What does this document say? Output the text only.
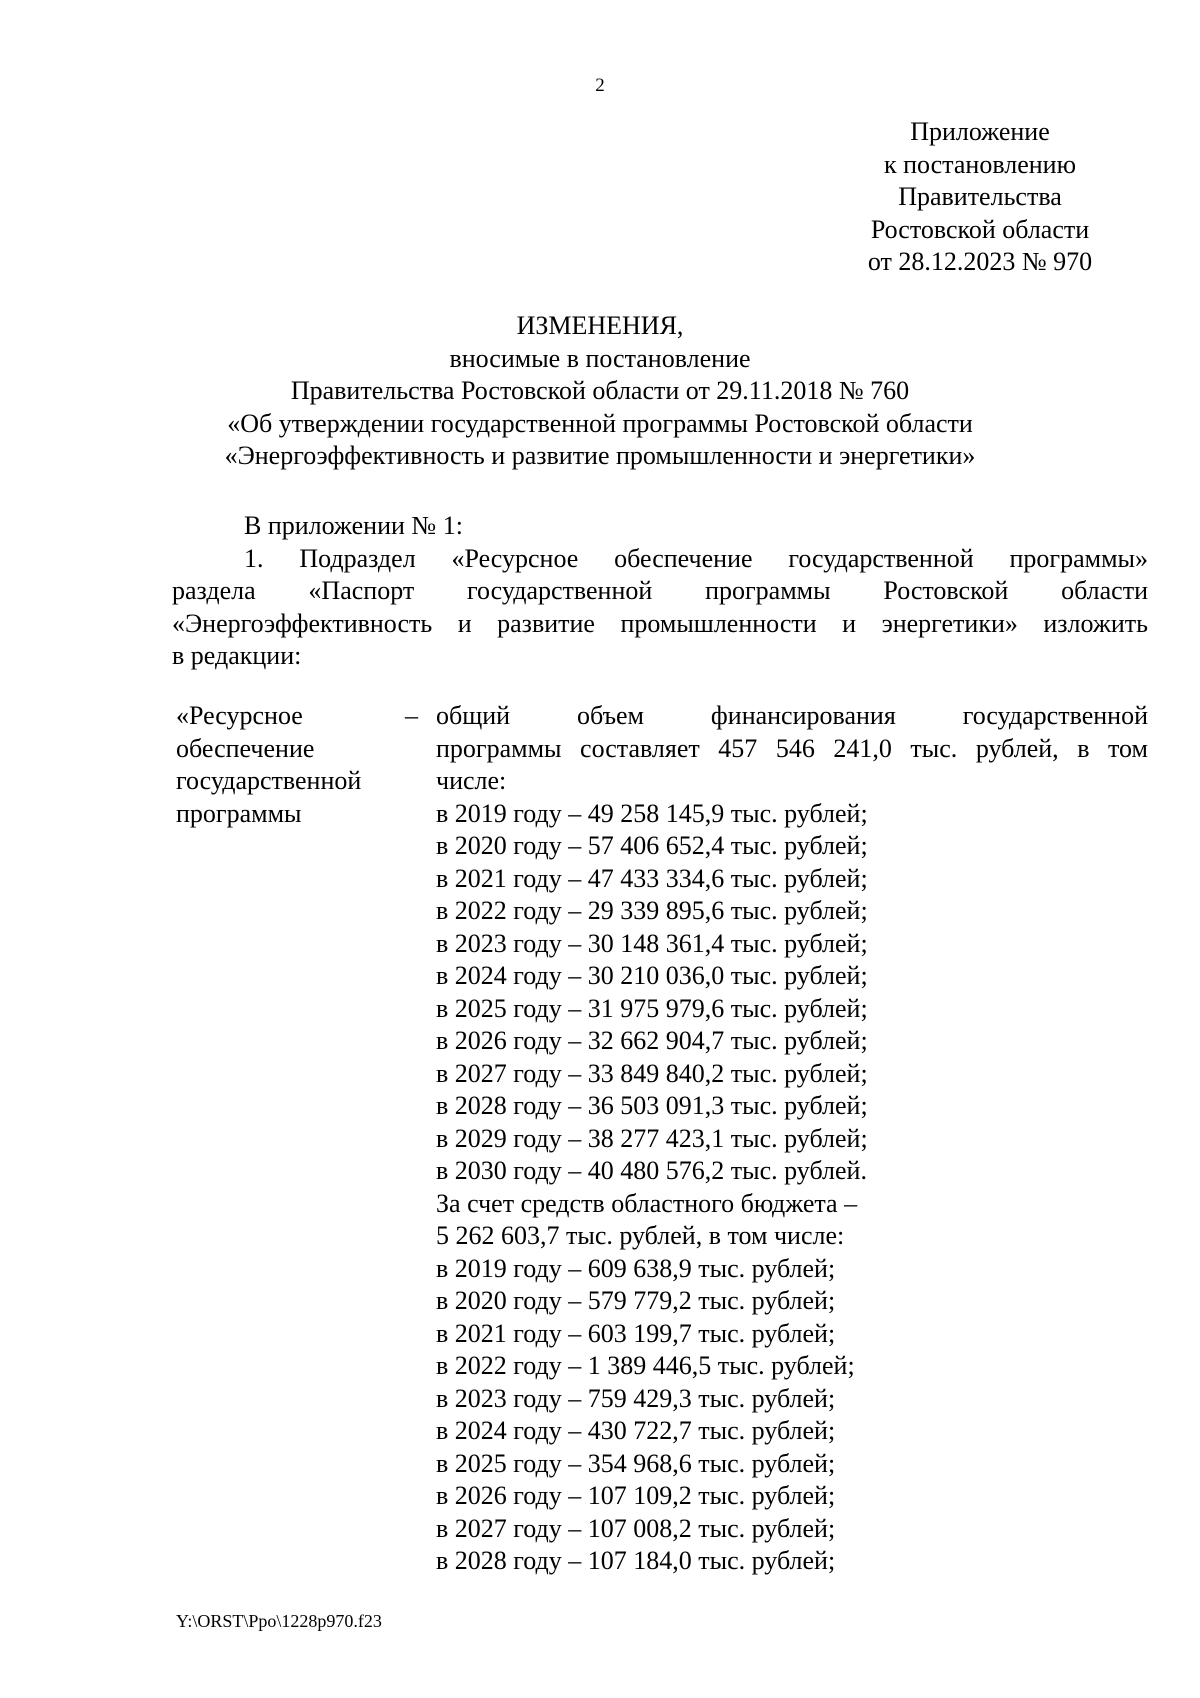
2
Приложение
к постановлению
Правительства
Ростовской области
от 28.12.2023 № 970
ИЗМЕНЕНИЯ,
вносимые в постановление
Правительства Ростовской области от 29.11.2018 № 760
«Об утверждении государственной программы Ростовской области
«Энергоэффективность и развитие промышленности и энергетики»
В приложении № 1:
1. Подраздел «Ресурсное обеспечение государственной программы»
раздела «Паспорт государственной программы Ростовской области
«Энергоэффективность и развитие промышленности и энергетики» изложить
в редакции:
«Ресурсное
обеспечение
государственной
программы
– общий объем финансирования государственной
программы составляет 457 546 241,0 тыс. рублей, в том
числе:
в 2019 году – 49 258 145,9 тыс. рублей;
в 2020 году – 57 406 652,4 тыс. рублей;
в 2021 году – 47 433 334,6 тыс. рублей;
в 2022 году – 29 339 895,6 тыс. рублей;
в 2023 году – 30 148 361,4 тыс. рублей;
в 2024 году – 30 210 036,0 тыс. рублей;
в 2025 году – 31 975 979,6 тыс. рублей;
в 2026 году – 32 662 904,7 тыс. рублей;
в 2027 году – 33 849 840,2 тыс. рублей;
в 2028 году – 36 503 091,3 тыс. рублей;
в 2029 году – 38 277 423,1 тыс. рублей;
в 2030 году – 40 480 576,2 тыс. рублей.
За счет средств областного бюджета –
5 262 603,7 тыс. рублей, в том числе:
в 2019 году – 609 638,9 тыс. рублей;
в 2020 году – 579 779,2 тыс. рублей;
в 2021 году – 603 199,7 тыс. рублей;
в 2022 году – 1 389 446,5 тыс. рублей;
в 2023 году – 759 429,3 тыс. рублей;
в 2024 году – 430 722,7 тыс. рублей;
в 2025 году – 354 968,6 тыс. рублей;
в 2026 году – 107 109,2 тыс. рублей;
в 2027 году – 107 008,2 тыс. рублей;
в 2028 году – 107 184,0 тыс. рублей;
Y:\ORST\Ppo\1228p970.f23
